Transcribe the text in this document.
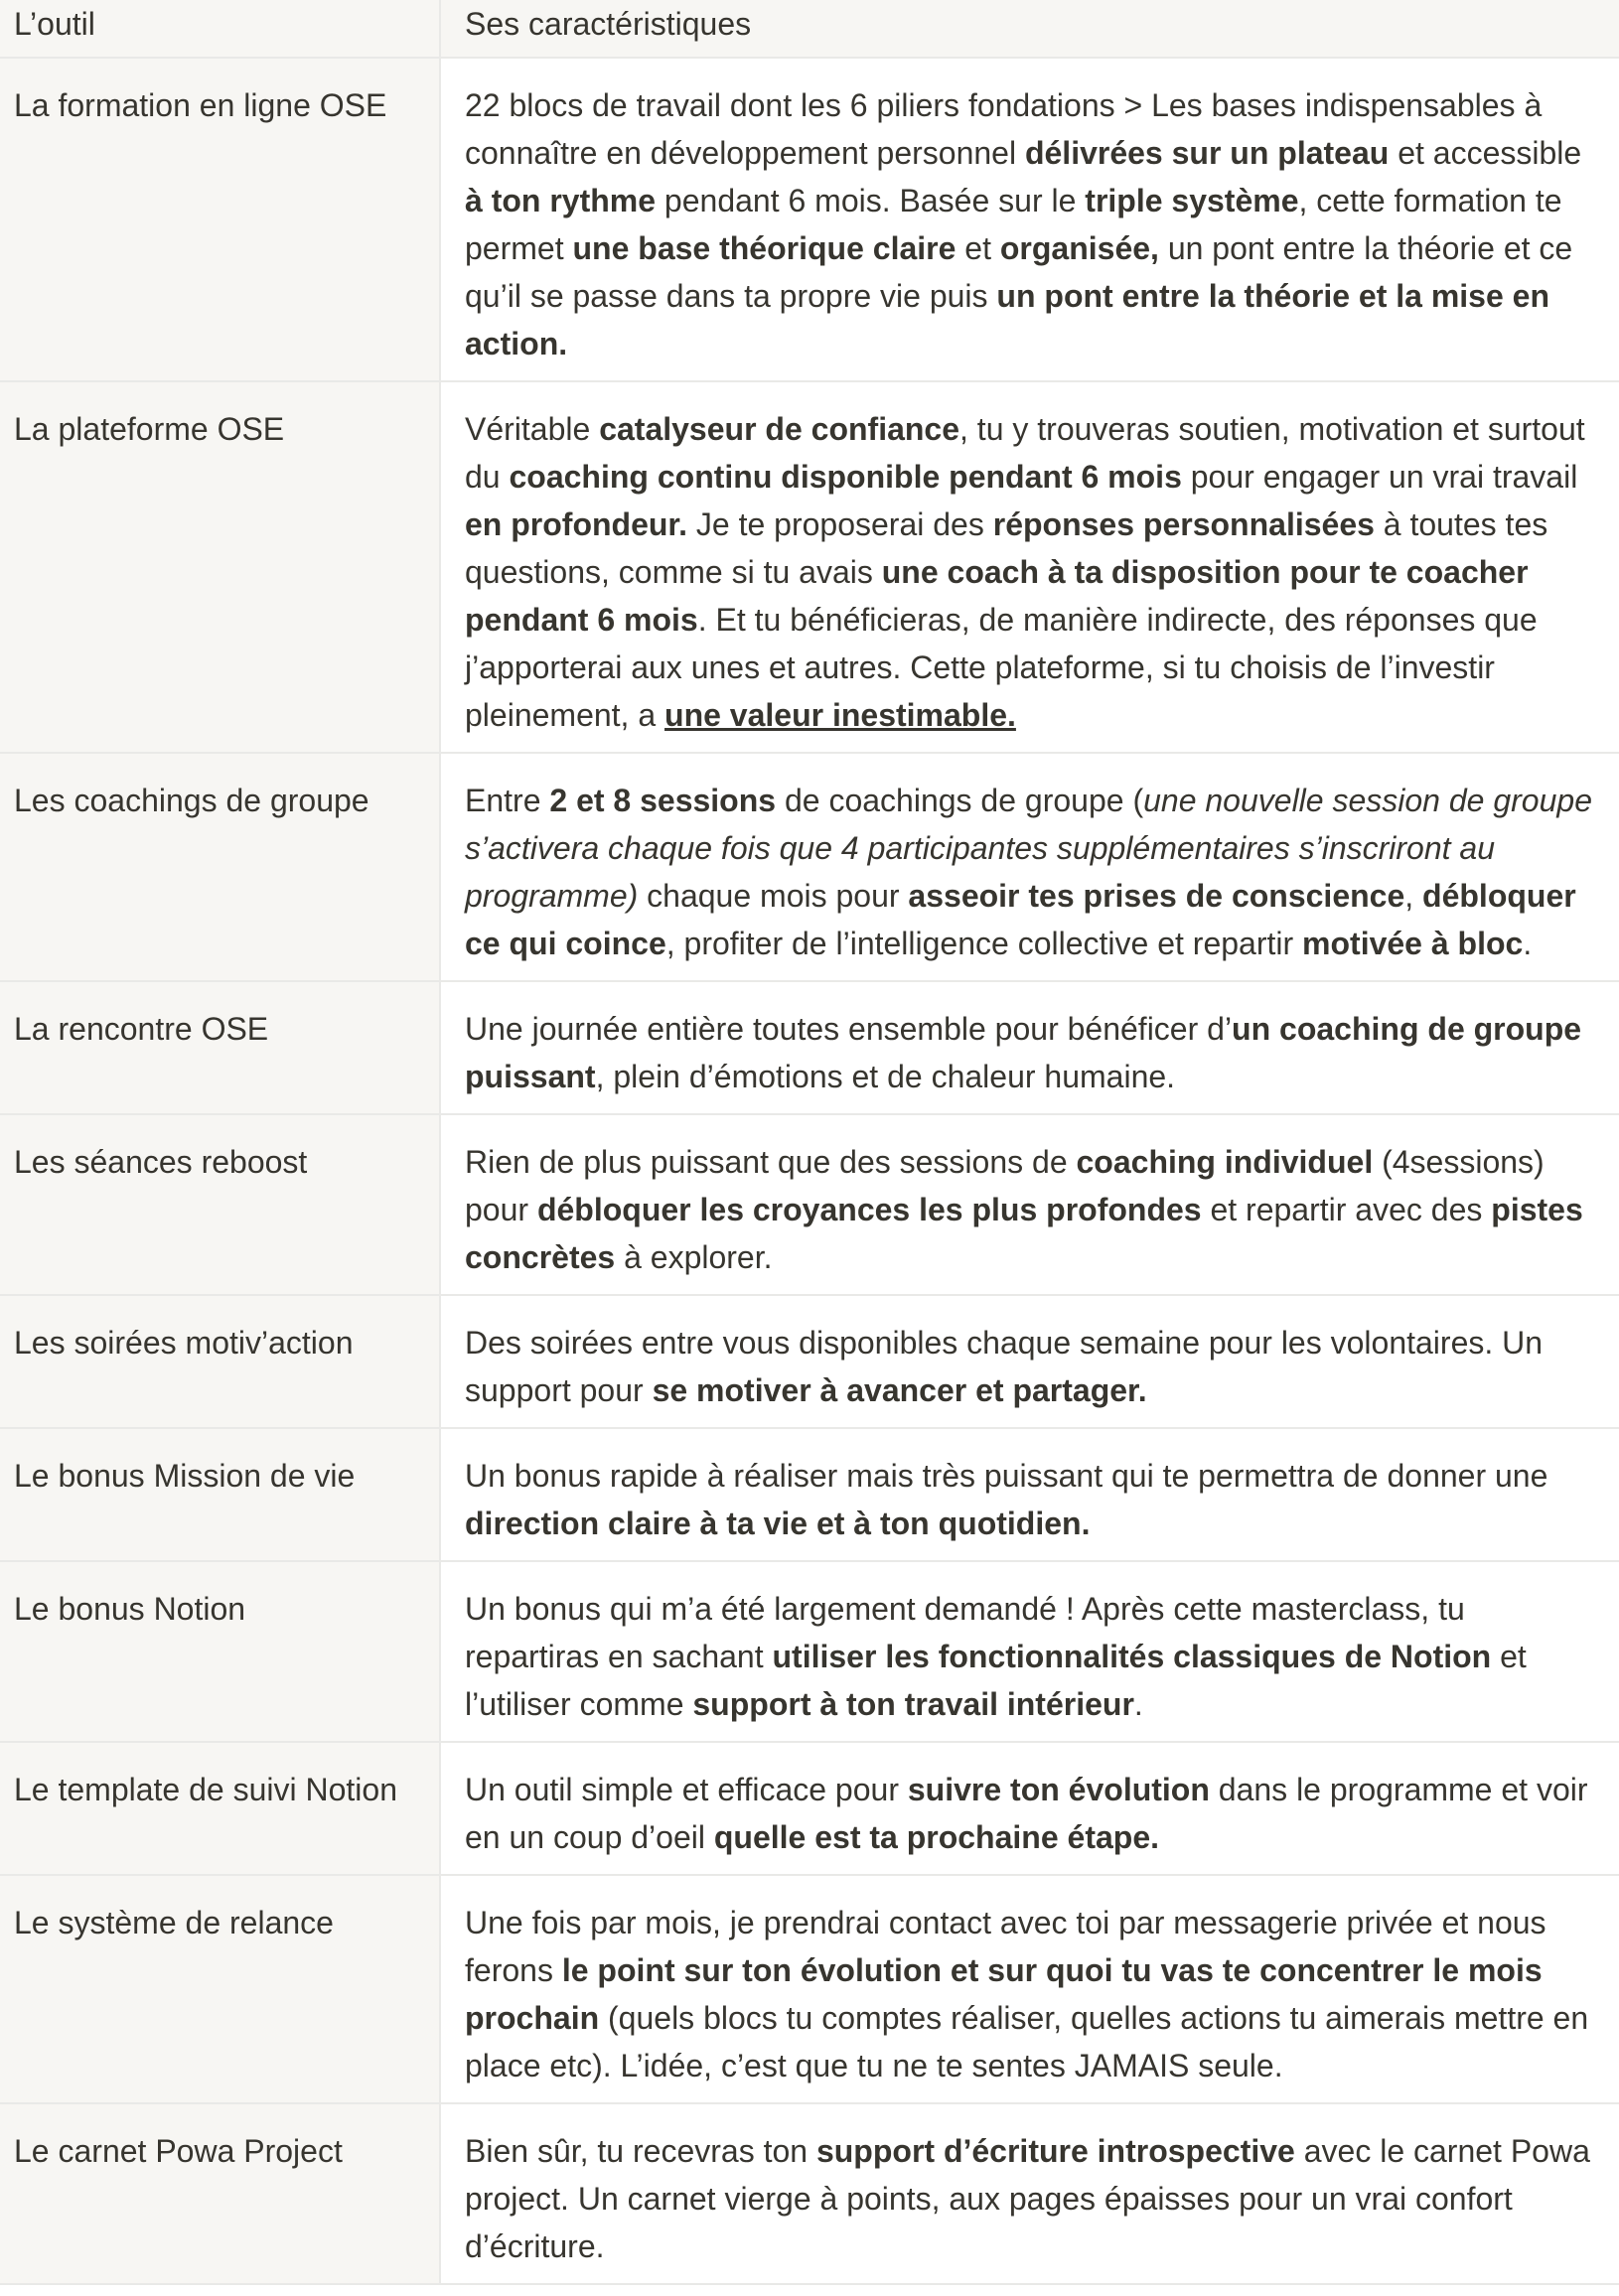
L’outil	Ses caractéristiques
La formation en ligne OSE	22 blocs de travail dont les 6 piliers fondations > Les bases indispensables à connaître en développement personnel délivrées sur un plateau et accessible à ton rythme pendant 6 mois. Basée sur le triple système, cette formation te permet une base théorique claire et organisée, un pont entre la théorie et ce qu’il se passe dans ta propre vie puis un pont entre la théorie et la mise en action.
La plateforme OSE	Véritable catalyseur de confiance, tu y trouveras soutien, motivation et surtout du coaching continu disponible pendant 6 mois pour engager un vrai travail en profondeur. Je te proposerai des réponses personnalisées à toutes tes questions, comme si tu avais une coach à ta disposition pour te coacher pendant 6 mois. Et tu bénéficieras, de manière indirecte, des réponses que j’apporterai aux unes et autres. Cette plateforme, si tu choisis de l’investir pleinement, a une valeur inestimable.
Les coachings de groupe	Entre 2 et 8 sessions de coachings de groupe (une nouvelle session de groupe s’activera chaque fois que 4 participantes supplémentaires s’inscriront au programme) chaque mois pour asseoir tes prises de conscience, débloquer ce qui coince, profiter de l’intelligence collective et repartir motivée à bloc.
La rencontre OSE	Une journée entière toutes ensemble pour bénéficer d’un coaching de groupe puissant, plein d’émotions et de chaleur humaine.
Les séances reboost	Rien de plus puissant que des sessions de coaching individuel (4sessions) pour débloquer les croyances les plus profondes et repartir avec des pistes concrètes à explorer.
Les soirées motiv’action	Des soirées entre vous disponibles chaque semaine pour les volontaires. Un support pour se motiver à avancer et partager.
Le bonus Mission de vie	Un bonus rapide à réaliser mais très puissant qui te permettra de donner une direction claire à ta vie et à ton quotidien.
Le bonus Notion	Un bonus qui m’a été largement demandé ! Après cette masterclass, tu repartiras en sachant utiliser les fonctionnalités classiques de Notion et l’utiliser comme support à ton travail intérieur.
Le template de suivi Notion	Un outil simple et efficace pour suivre ton évolution dans le programme et voir en un coup d’oeil quelle est ta prochaine étape.
Le système de relance	Une fois par mois, je prendrai contact avec toi par messagerie privée et nous ferons le point sur ton évolution et sur quoi tu vas te concentrer le mois prochain (quels blocs tu comptes réaliser, quelles actions tu aimerais mettre en place etc). L’idée, c’est que tu ne te sentes JAMAIS seule.
Le carnet Powa Project	Bien sûr, tu recevras ton support d’écriture introspective avec le carnet Powa project. Un carnet vierge à points, aux pages épaisses pour un vrai confort d’écriture.
